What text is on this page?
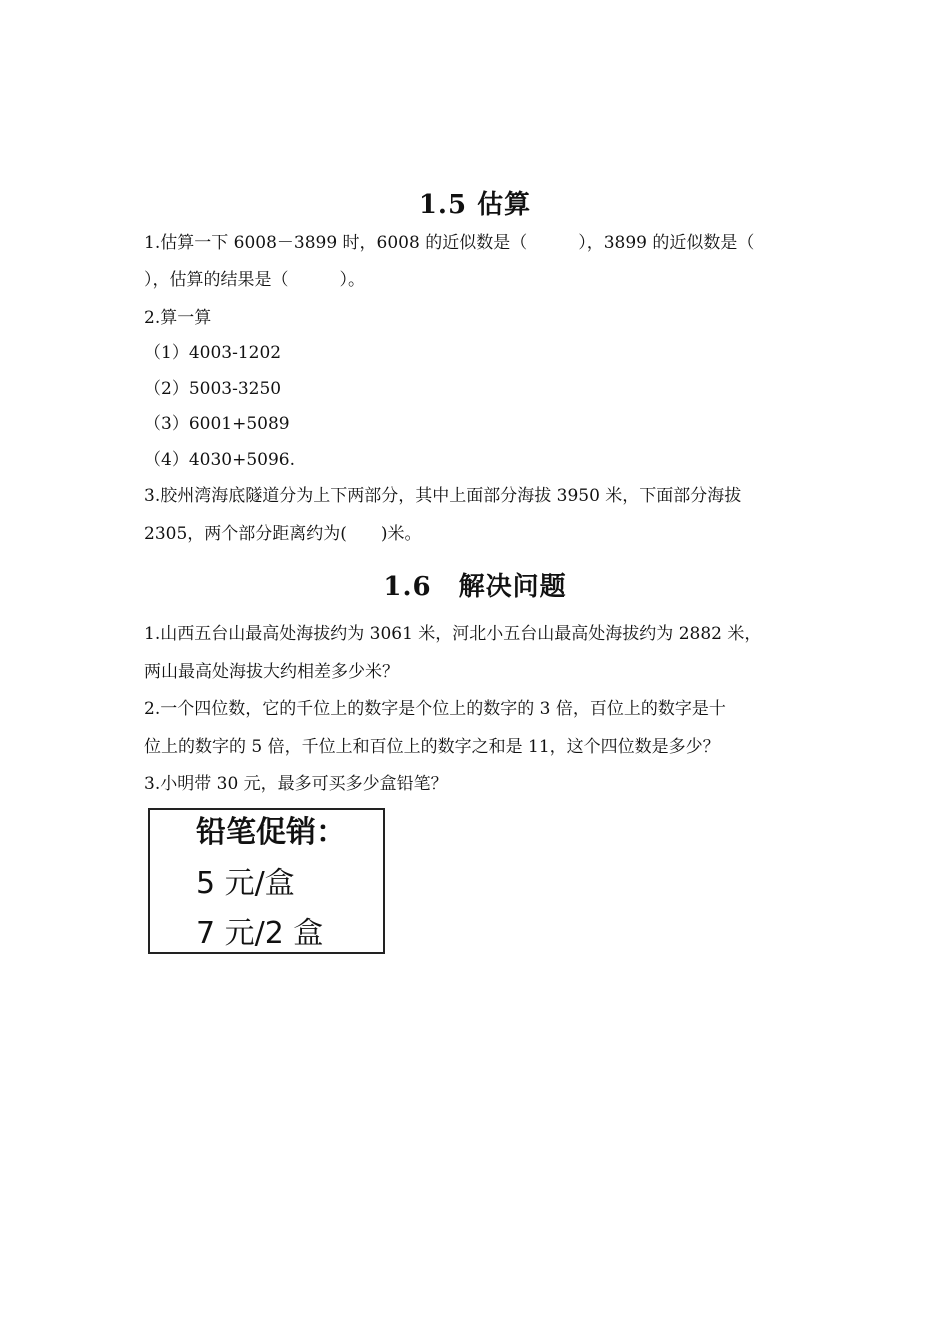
1.5 估算
1.估算一下 6008－3899 时，6008 的近似数是（　　　），3899 的近似数是（
），估算的结果是（　　　）。
2.算一算
（1）4003-1202
（2）5003-3250
（3）6001+5089
（4）4030+5096.
3.胶州湾海底隧道分为上下两部分，其中上面部分海拔 3950 米，下面部分海拔
2305，两个部分距离约为(　　)米。
1.6　解决问题
1.山西五台山最高处海拔约为 3061 米，河北小五台山最高处海拔约为 2882 米，
两山最高处海拔大约相差多少米？
2.一个四位数，它的千位上的数字是个位上的数字的 3 倍，百位上的数字是十
位上的数字的 5 倍，千位上和百位上的数字之和是 11，这个四位数是多少？
3.小明带 30 元，最多可买多少盒铅笔？
铅笔促销：
5 元/盒
7 元/2 盒
